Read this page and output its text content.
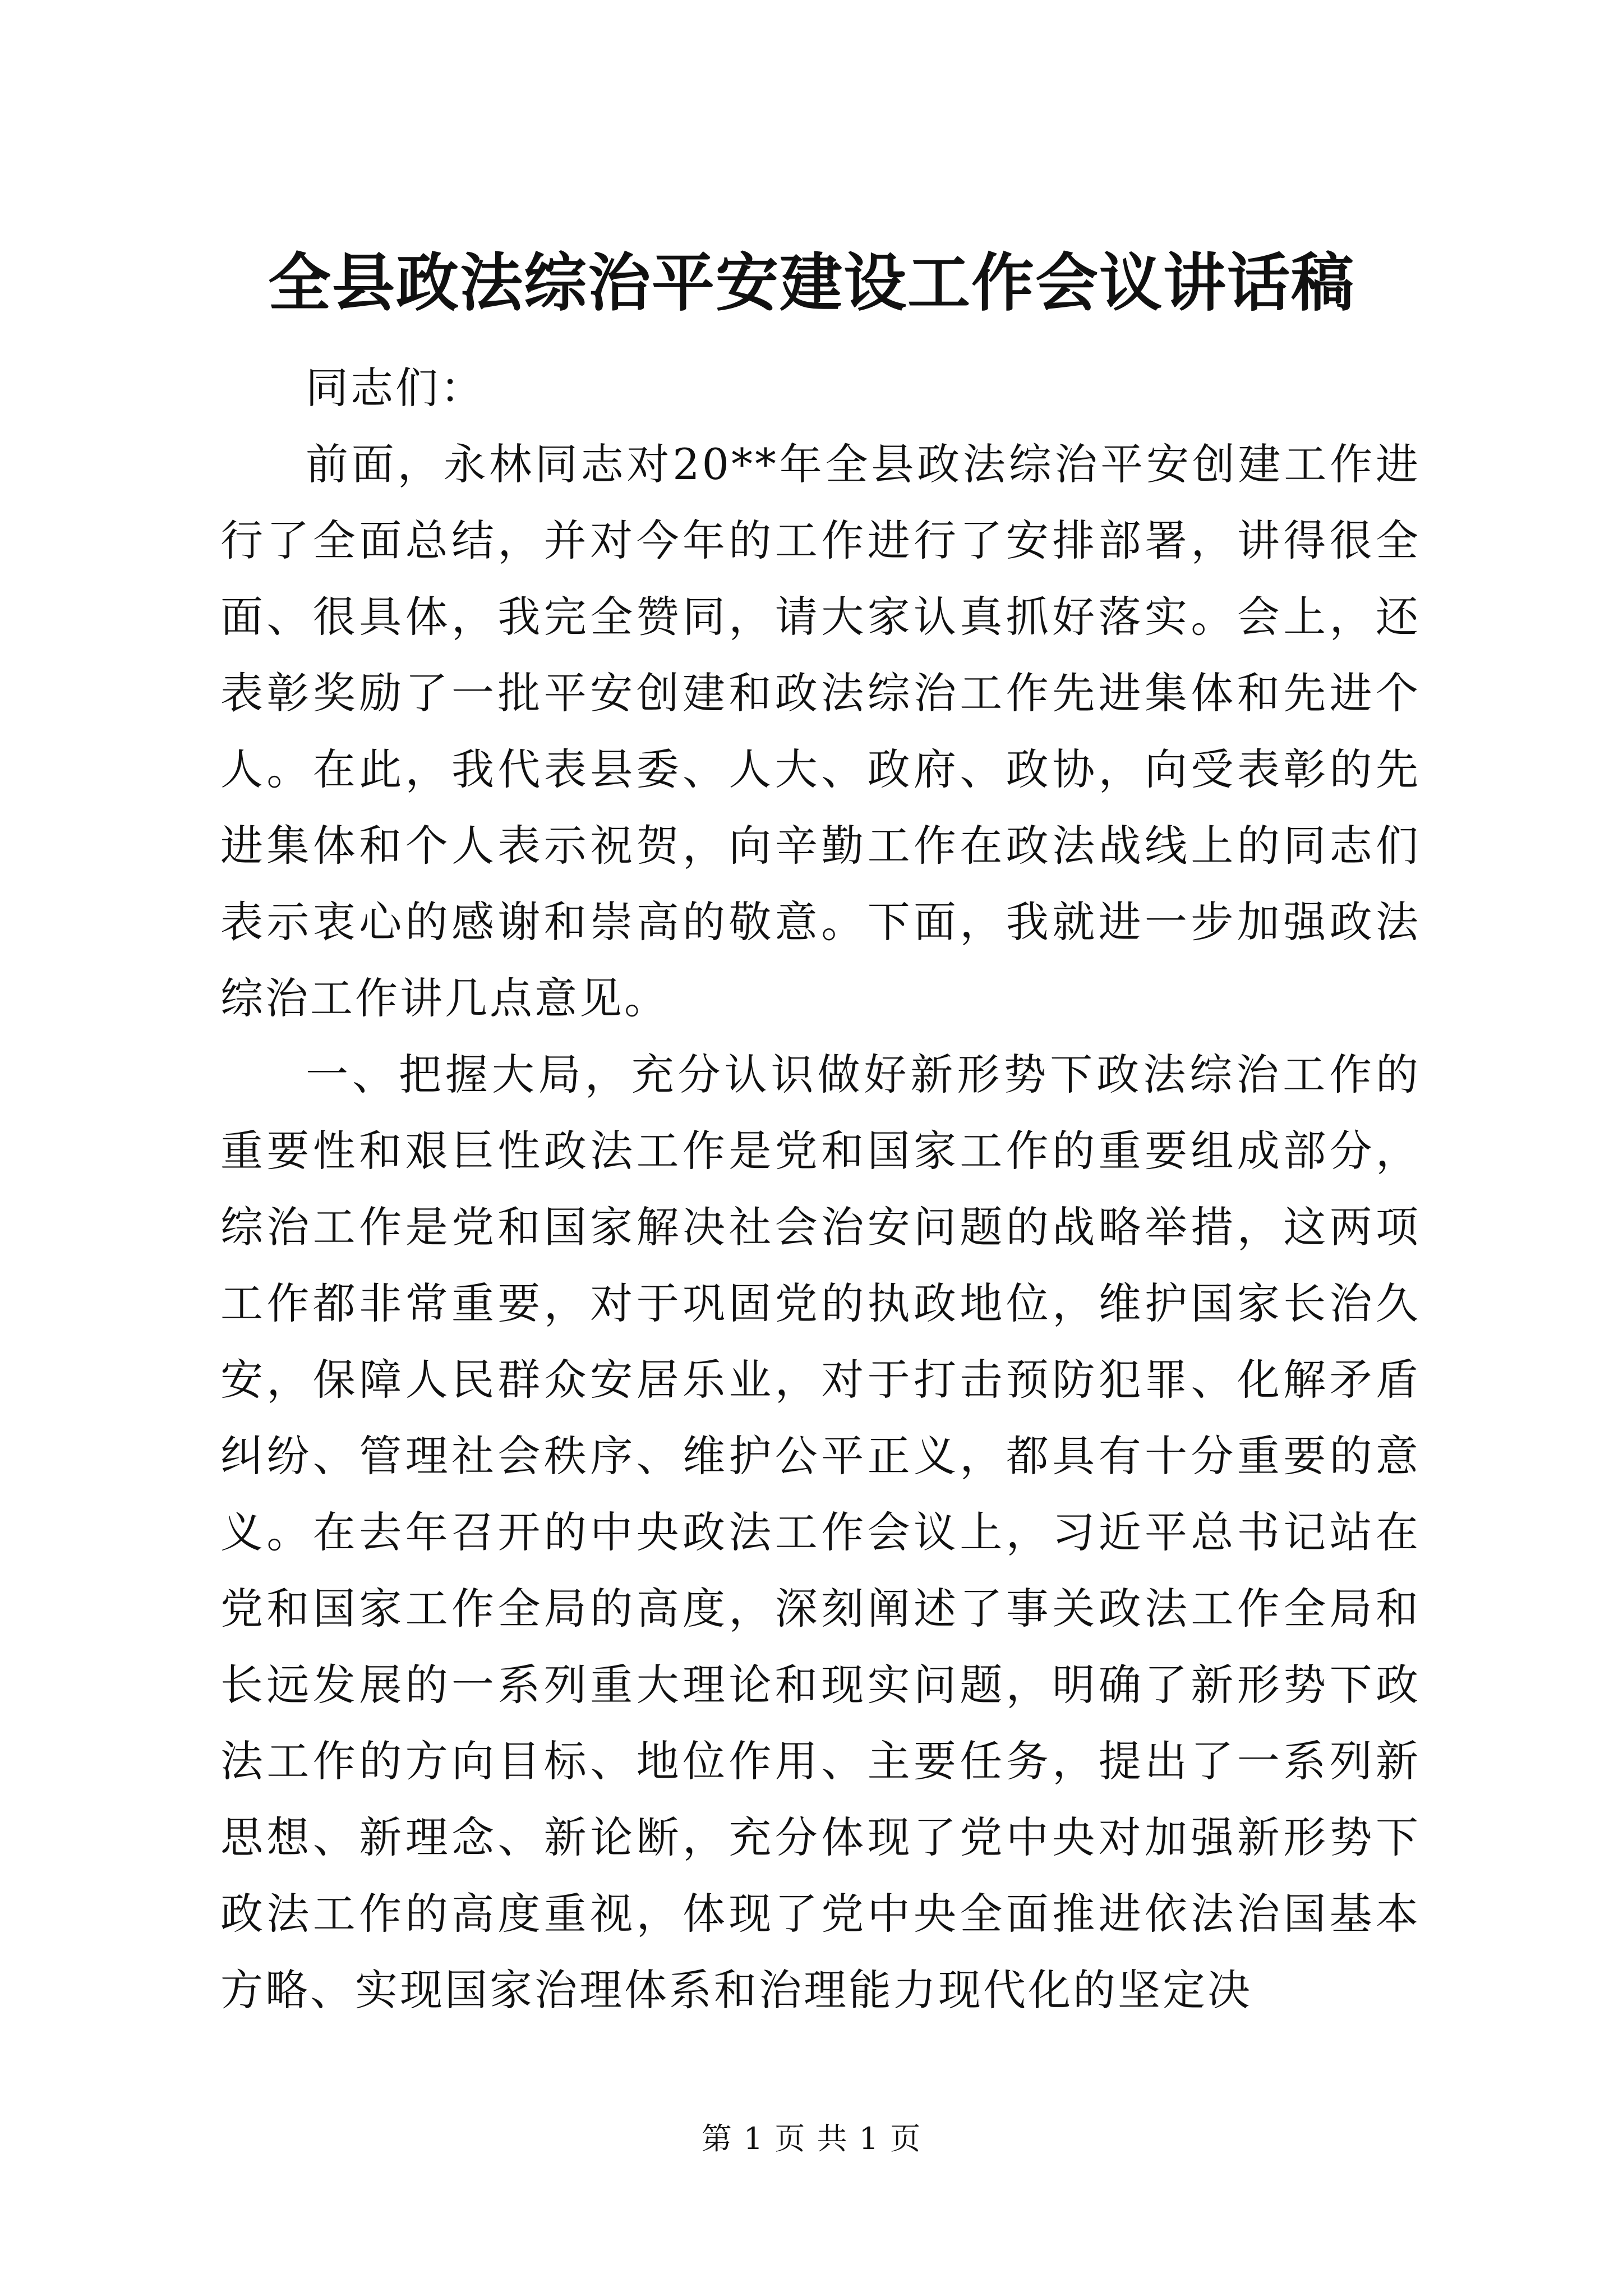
全县政法综治平安建设工作会议讲话稿

同志们：

前面，永林同志对20**年全县政法综治平安创建工作进行了全面总结，并对今年的工作进行了安排部署，讲得很全面、很具体，我完全赞同，请大家认真抓好落实。会上，还表彰奖励了一批平安创建和政法综治工作先进集体和先进个人。在此，我代表县委、人大、政府、政协，向受表彰的先进集体和个人表示祝贺，向辛勤工作在政法战线上的同志们表示衷心的感谢和崇高的敬意。下面，我就进一步加强政法综治工作讲几点意见。

一、把握大局，充分认识做好新形势下政法综治工作的重要性和艰巨性政法工作是党和国家工作的重要组成部分，综治工作是党和国家解决社会治安问题的战略举措，这两项工作都非常重要，对于巩固党的执政地位，维护国家长治久安，保障人民群众安居乐业，对于打击预防犯罪、化解矛盾纠纷、管理社会秩序、维护公平正义，都具有十分重要的意义。在去年召开的中央政法工作会议上，习近平总书记站在党和国家工作全局的高度，深刻阐述了事关政法工作全局和长远发展的一系列重大理论和现实问题，明确了新形势下政法工作的方向目标、地位作用、主要任务，提出了一系列新思想、新理念、新论断，充分体现了党中央对加强新形势下政法工作的高度重视，体现了党中央全面推进依法治国基本方略、实现国家治理体系和治理能力现代化的坚定决

第 1 页 共 1 页
